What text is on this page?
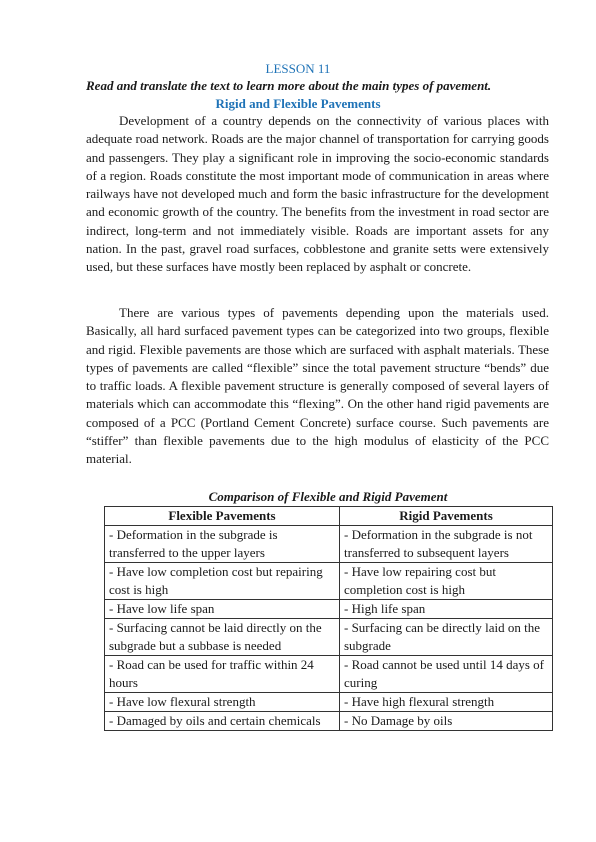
LESSON 11
Read and translate the text to learn more about the main types of pavement.
Rigid and Flexible Pavements

Development of a country depends on the connectivity of various places with adequate road network. Roads are the major channel of transportation for carrying goods and passengers. They play a significant role in improving the socio-economic standards of a region. Roads constitute the most important mode of communication in areas where railways have not developed much and form the basic infrastructure for the development and economic growth of the country. The benefits from the investment in road sector are indirect, long-term and not immediately visible. Roads are important assets for any nation. In the past, gravel road surfaces, cobblestone and granite setts were extensively used, but these surfaces have mostly been replaced by asphalt or concrete.

There are various types of pavements depending upon the materials used. Basically, all hard surfaced pavement types can be categorized into two groups, flexible and rigid. Flexible pavements are those which are surfaced with asphalt materials. These types of pavements are called “flexible” since the total pavement structure “bends” due to traffic loads. A flexible pavement structure is generally composed of several layers of materials which can accommodate this “flexing”. On the other hand rigid pavements are composed of a PCC (Portland Cement Concrete) surface course. Such pavements are “stiffer” than flexible pavements due to the high modulus of elasticity of the PCC material.

Comparison of Flexible and Rigid Pavement
Flexible Pavements	Rigid Pavements
- Deformation in the subgrade is transferred to the upper layers	- Deformation in the subgrade is not transferred to subsequent layers
- Have low completion cost but repairing cost is high	- Have low repairing cost but completion cost is high
- Have low life span	- High life span
- Surfacing cannot be laid directly on the subgrade but a subbase is needed	- Surfacing can be directly laid on the subgrade
- Road can be used for traffic within 24 hours	- Road cannot be used until 14 days of curing
- Have low flexural strength	- Have high flexural strength
- Damaged by oils and certain chemicals	- No Damage by oils
